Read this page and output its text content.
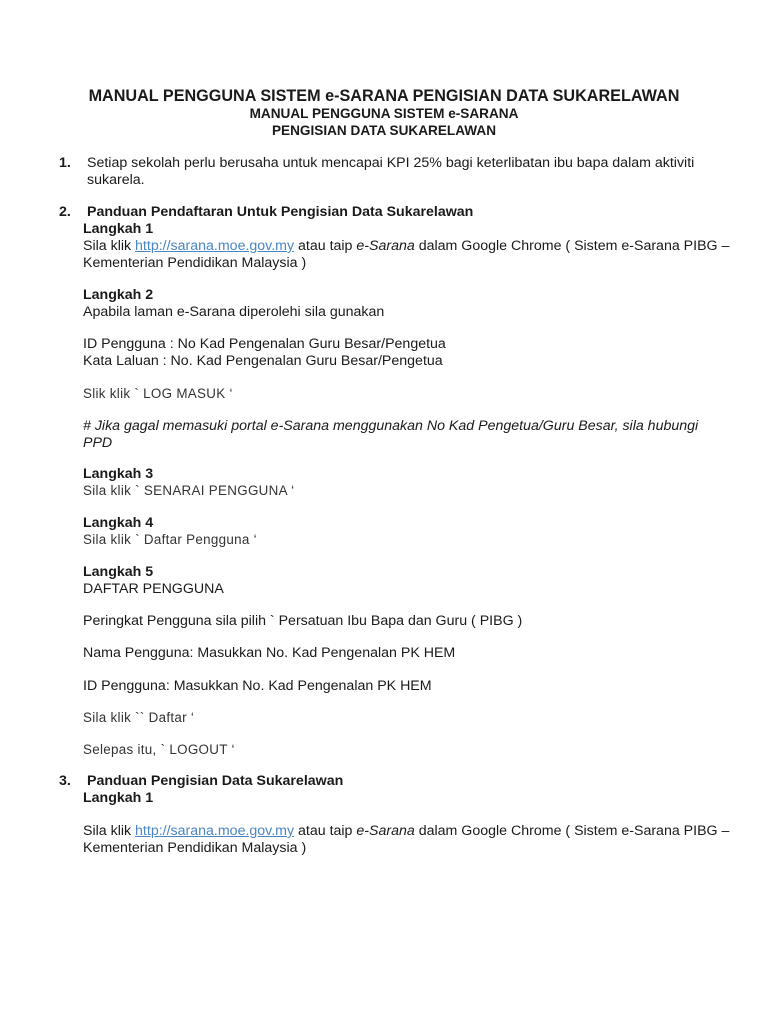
MANUAL PENGGUNA SISTEM e-SARANA PENGISIAN DATA SUKARELAWAN

MANUAL PENGGUNA SISTEM e-SARANA

PENGISIAN DATA SUKARELAWAN

1. Setiap sekolah perlu berusaha untuk mencapai KPI 25% bagi keterlibatan ibu bapa dalam aktiviti sukarela.

2. Panduan Pendaftaran Untuk Pengisian Data Sukarelawan

Langkah 1

Sila klik http://sarana.moe.gov.my atau taip e-Sarana dalam Google Chrome ( Sistem e-Sarana PIBG – Kementerian Pendidikan Malaysia )

Langkah 2

Apabila laman e-Sarana diperolehi sila gunakan

ID Pengguna : No Kad Pengenalan Guru Besar/Pengetua

Kata Laluan : No. Kad Pengenalan Guru Besar/Pengetua

Slik klik ` LOG MASUK ‘

# Jika gagal memasuki portal e-Sarana menggunakan No Kad Pengetua/Guru Besar, sila hubungi PPD

Langkah 3

Sila klik ` SENARAI PENGGUNA ‘

Langkah 4

Sila klik ` Daftar Pengguna ‘

Langkah 5

DAFTAR PENGGUNA

Peringkat Pengguna sila pilih ` Persatuan Ibu Bapa dan Guru ( PIBG )

Nama Pengguna: Masukkan No. Kad Pengenalan PK HEM

ID Pengguna: Masukkan No. Kad Pengenalan PK HEM

Sila klik `` Daftar ‘

Selepas itu, ` LOGOUT ‘

3. Panduan Pengisian Data Sukarelawan

Langkah 1

Sila klik http://sarana.moe.gov.my atau taip e-Sarana dalam Google Chrome ( Sistem e-Sarana PIBG – Kementerian Pendidikan Malaysia )
